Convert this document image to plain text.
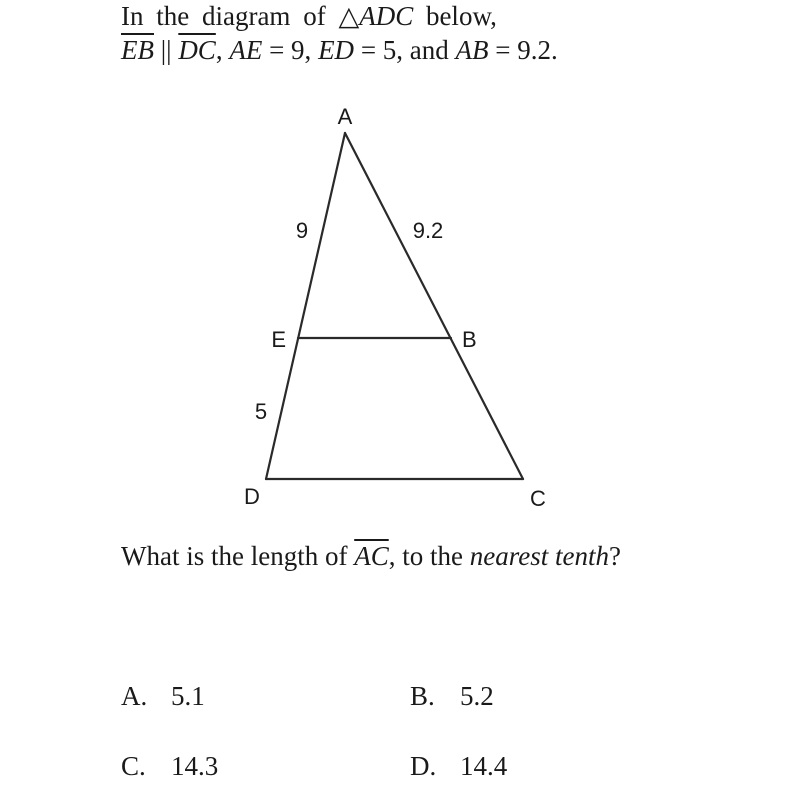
In the diagram of △ADC below,
$\overline{EB}$ || $\overline{DC}$, AE = 9, ED = 5, and AB = 9.2.
A
E	B
D	C
9	9.2
5
What is the length of $\overline{AC}$, to the nearest tenth?
A. 5.1	B. 5.2
C. 14.3	D. 14.4
